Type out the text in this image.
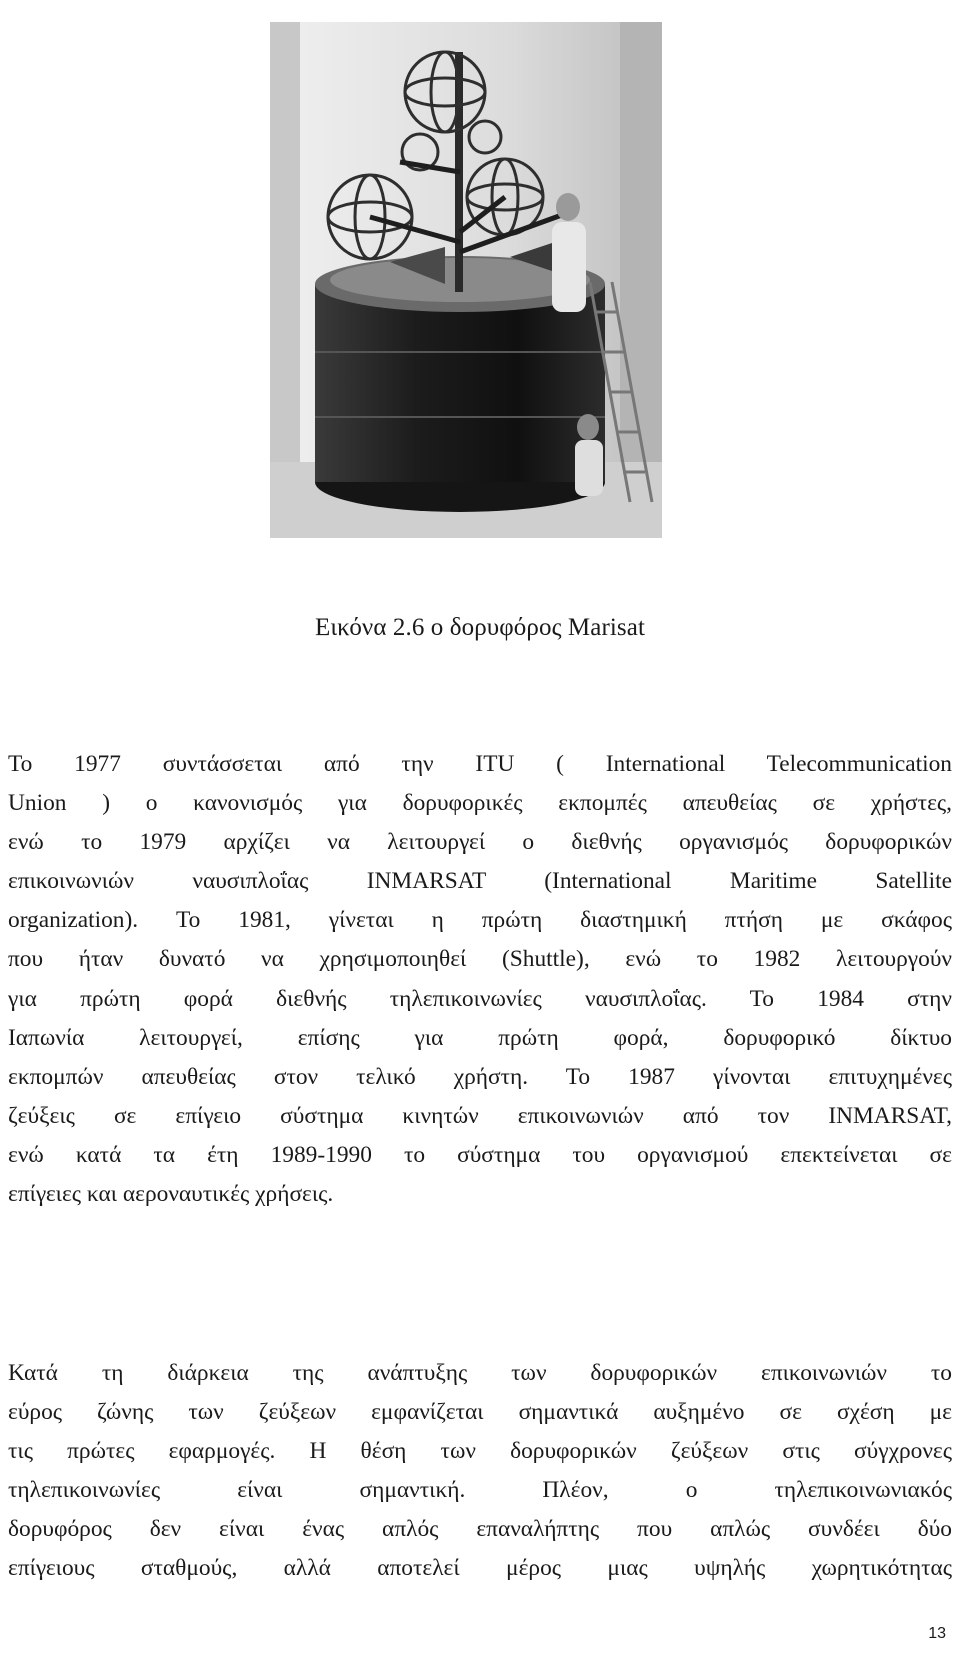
Εικόνα 2.6 ο δορυφόρος Marisat

Το 1977 συντάσσεται από την ITU ( International Telecommunication
Union ) ο κανονισμός για δορυφορικές εκπομπές απευθείας σε χρήστες,
ενώ το 1979 αρχίζει να λειτουργεί ο διεθνής οργανισμός δορυφορικών
επικοινωνιών ναυσιπλοΐας INMARSAT (International Maritime Satellite
organization). Το 1981, γίνεται η πρώτη διαστημική πτήση με σκάφος
που ήταν δυνατό να χρησιμοποιηθεί (Shuttle), ενώ το 1982 λειτουργούν
για πρώτη φορά διεθνής τηλεπικοινωνίες ναυσιπλοΐας. Το 1984 στην
Ιαπωνία λειτουργεί, επίσης για πρώτη φορά, δορυφορικό δίκτυο
εκπομπών απευθείας στον τελικό χρήστη. Το 1987 γίνονται επιτυχημένες
ζεύξεις σε επίγειο σύστημα κινητών επικοινωνιών από τον INMARSAT,
ενώ κατά τα έτη 1989-1990 το σύστημα του οργανισμού επεκτείνεται σε
επίγειες και αεροναυτικές χρήσεις.

Κατά τη διάρκεια της ανάπτυξης των δορυφορικών επικοινωνιών το
εύρος ζώνης των ζεύξεων εμφανίζεται σημαντικά αυξημένο σε σχέση με
τις πρώτες εφαρμογές. Η θέση των δορυφορικών ζεύξεων στις σύγχρονες
τηλεπικοινωνίες είναι σημαντική. Πλέον, ο τηλεπικοινωνιακός
δορυφόρος δεν είναι ένας απλός επαναλήπτης που απλώς συνδέει δύο
επίγειους σταθμούς, αλλά αποτελεί μέρος μιας υψηλής χωρητικότητας

13
